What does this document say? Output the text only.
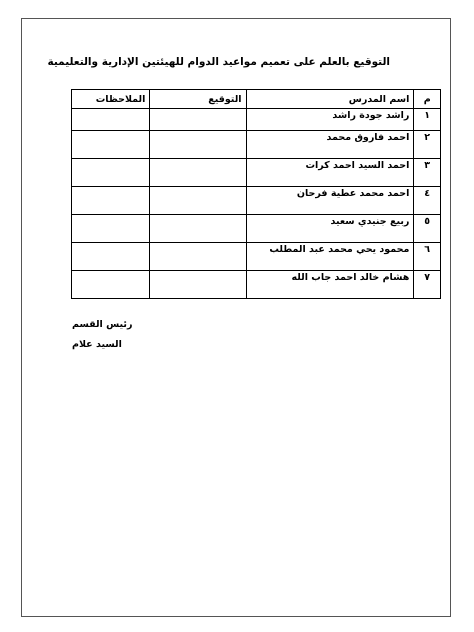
التوقيع بالعلم على تعميم مواعيد الدوام للهيئتين الإدارية والتعليمية
م	اسم المدرس	التوقيع	الملاحظات
١	راشد جودة راشد		
٢	احمد فاروق محمد		
٣	احمد السيد احمد كرات		
٤	احمد محمد عطية فرحان		
٥	ربيع جنيدي سعيد		
٦	محمود يحي محمد عبد المطلب		
٧	هشام خالد احمد جاب الله		
رئيس القسم
السيد علام
